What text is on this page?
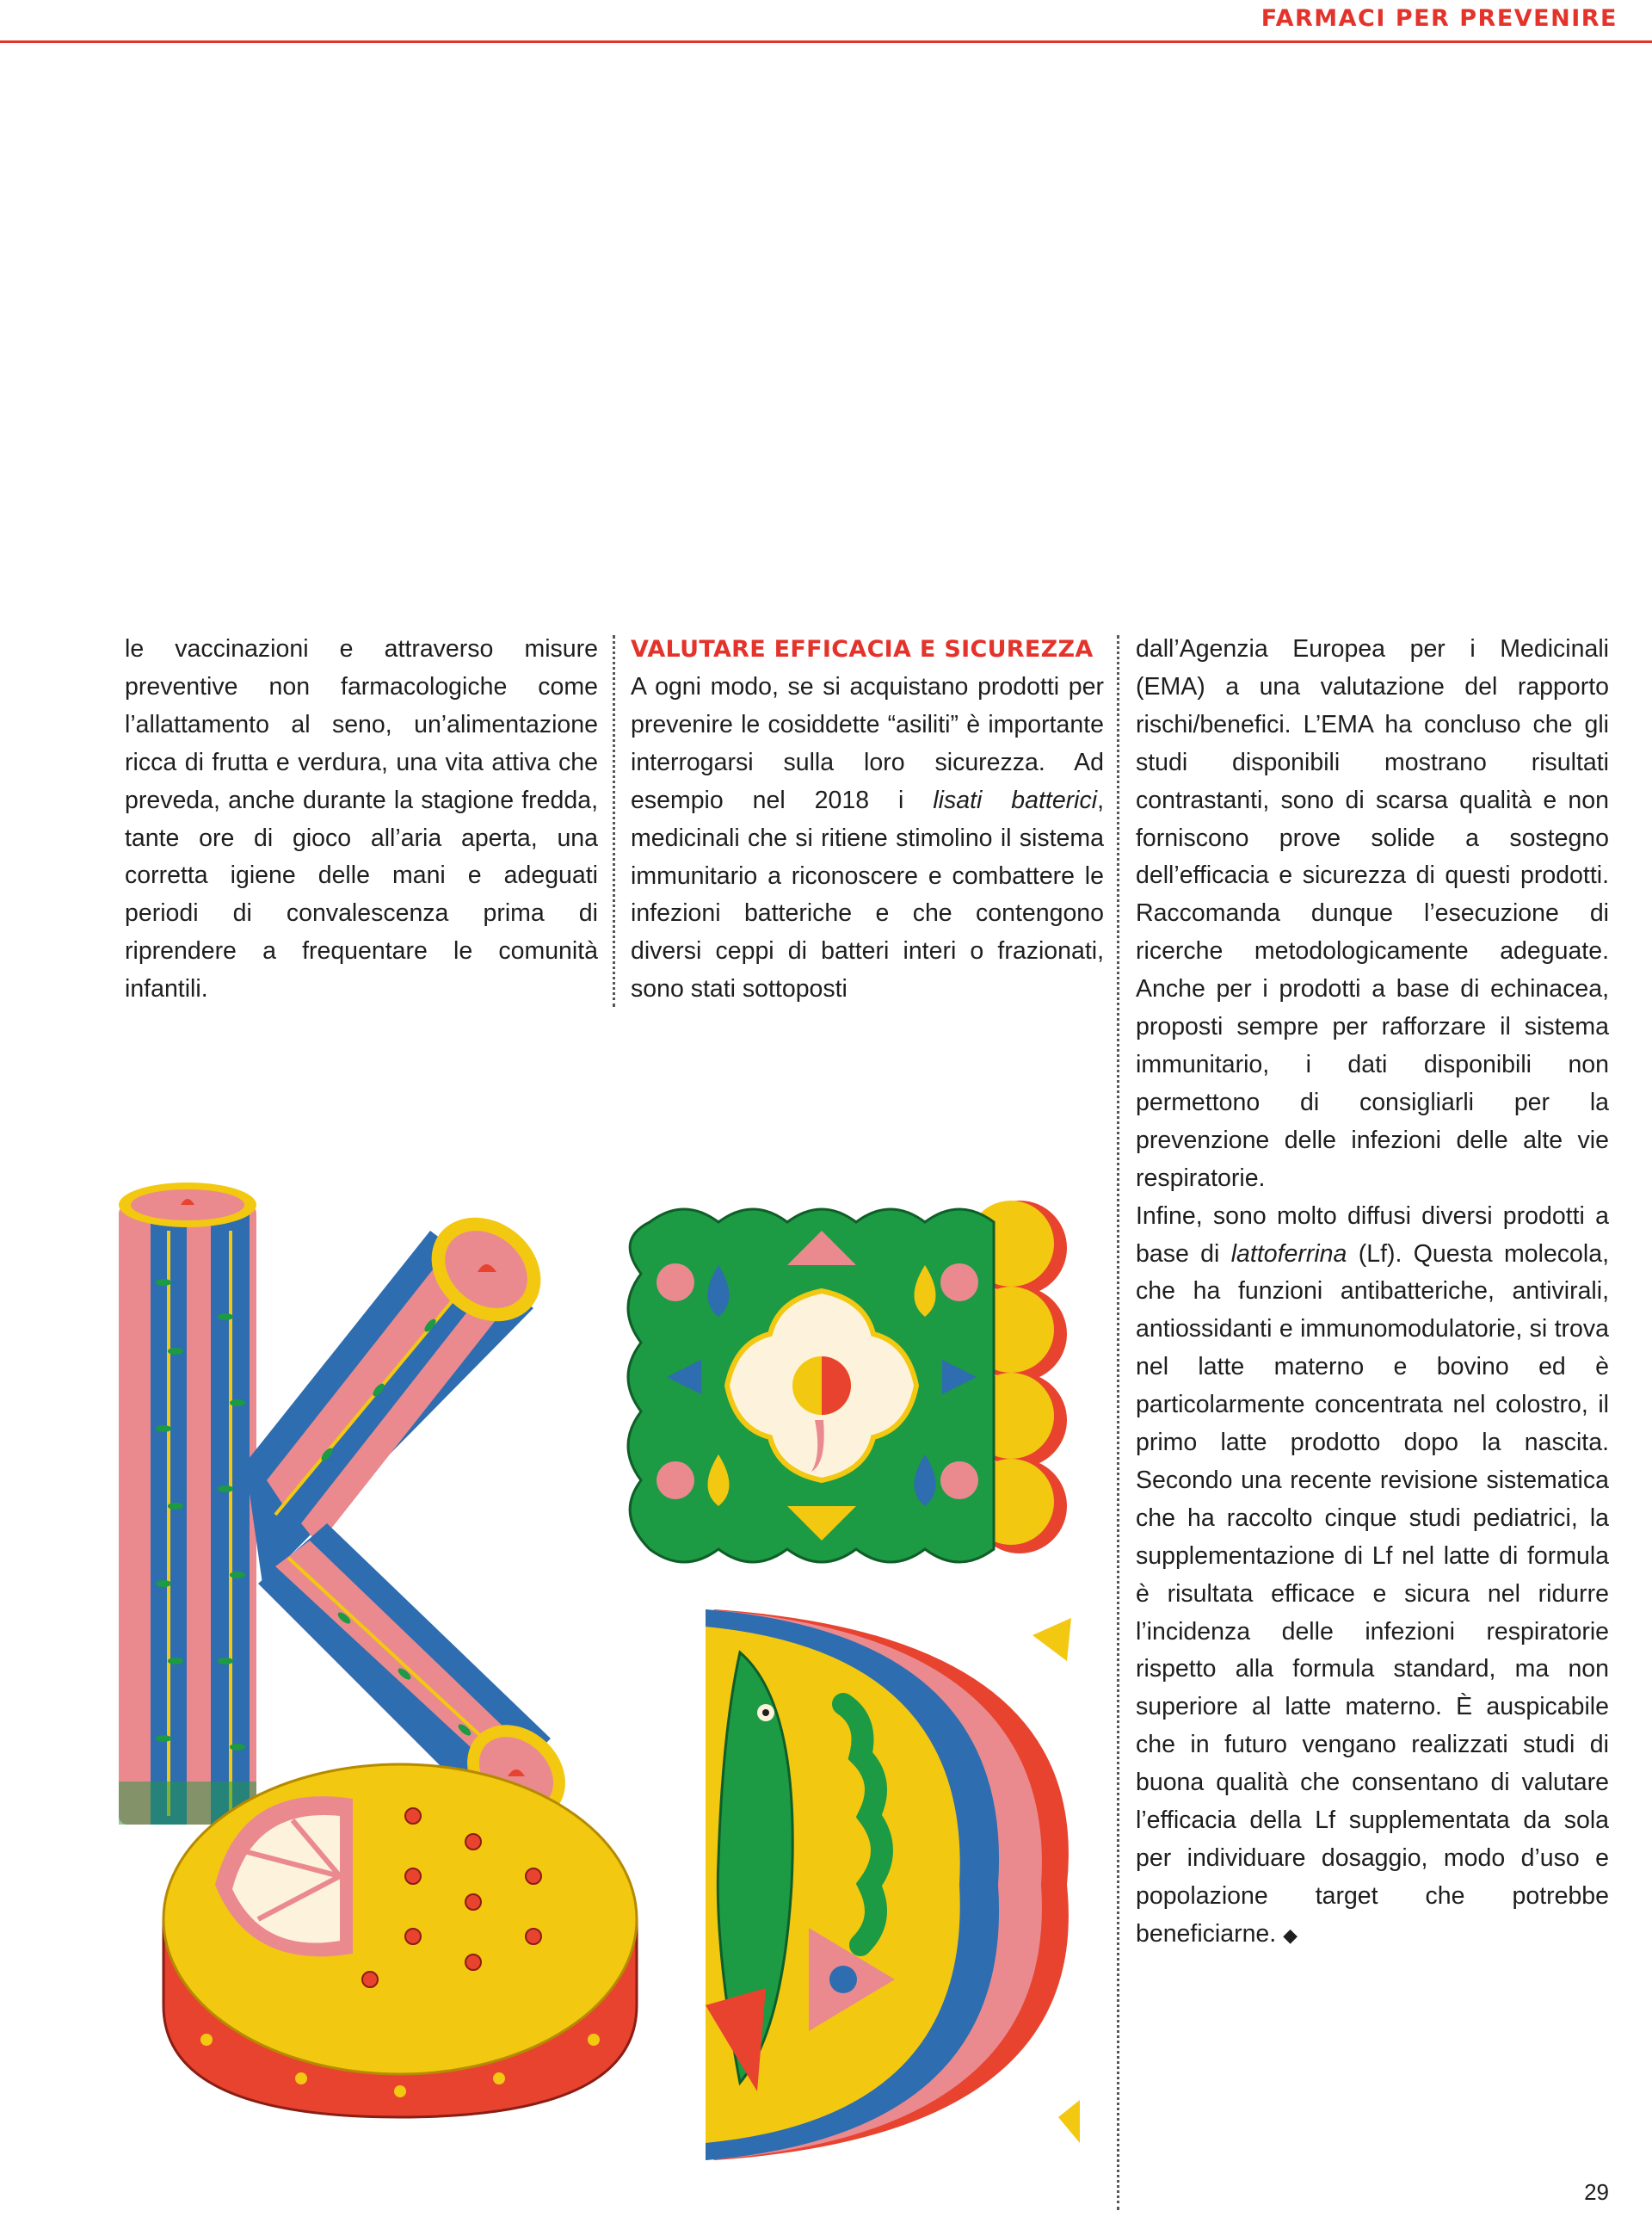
FARMACI PER PREVENIRE

le vaccinazioni e attraverso misure preventive non farmacologiche come l’allattamento al seno, un’alimentazione ricca di frutta e verdura, una vita attiva che preveda, anche durante la stagione fredda, tante ore di gioco all’aria aperta, una corretta igiene delle mani e adeguati periodi di convalescenza prima di riprendere a frequentare le comunità infantili.

VALUTARE EFFICACIA E SICUREZZA

A ogni modo, se si acquistano prodotti per prevenire le cosiddette “asiliti” è importante interrogarsi sulla loro sicurezza. Ad esempio nel 2018 i lisati batterici, medicinali che si ritiene stimolino il sistema immunitario a riconoscere e combattere le infezioni batteriche e che contengono diversi ceppi di batteri interi o frazionati, sono stati sottoposti

dall’Agenzia Europea per i Medicinali (EMA) a una valutazione del rapporto rischi/benefici. L’EMA ha concluso che gli studi disponibili mostrano risultati contrastanti, sono di scarsa qualità e non forniscono prove solide a sostegno dell’efficacia e sicurezza di questi prodotti. Raccomanda dunque l’esecuzione di ricerche metodologicamente adeguate. Anche per i prodotti a base di echinacea, proposti sempre per rafforzare il sistema immunitario, i dati disponibili non permettono di consigliarli per la prevenzione delle infezioni delle alte vie respiratorie.

Infine, sono molto diffusi diversi prodotti a base di lattoferrina (Lf). Questa molecola, che ha funzioni antibatteriche, antivirali, antiossidanti e immunomodulatorie, si trova nel latte materno e bovino ed è particolarmente concentrata nel colostro, il primo latte prodotto dopo la nascita. Secondo una recente revisione sistematica che ha raccolto cinque studi pediatrici, la supplementazione di Lf nel latte di formula è risultata efficace e sicura nel ridurre l’incidenza delle infezioni respiratorie rispetto alla formula standard, ma non superiore al latte materno. È auspicabile che in futuro vengano realizzati studi di buona qualità che consentano di valutare l’efficacia della Lf supplementata da sola per individuare dosaggio, modo d’uso e popolazione target che potrebbe beneficiarne. ◆

29
